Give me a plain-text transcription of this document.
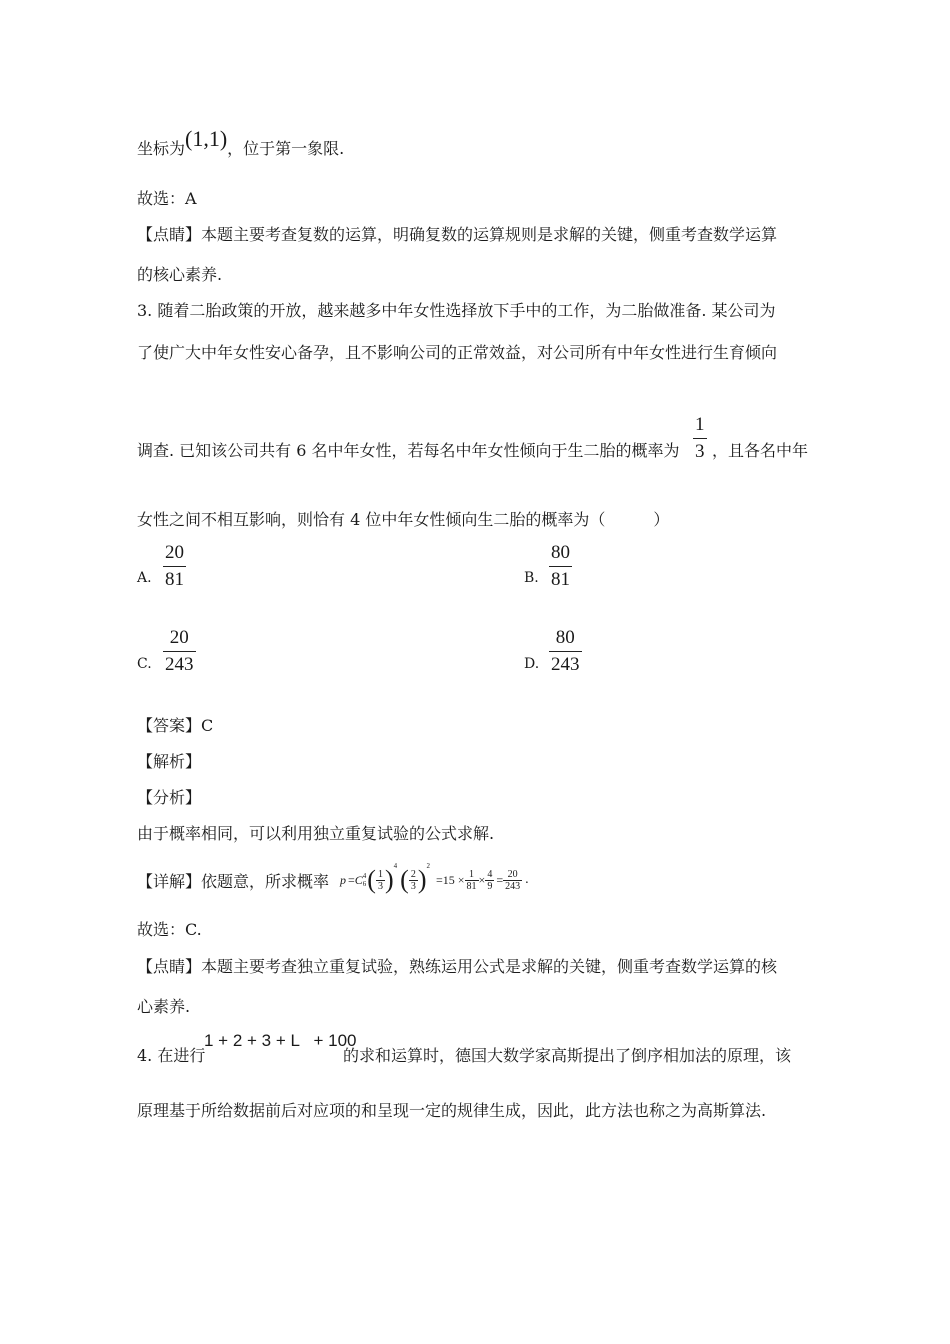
坐标为(1,1)，位于第一象限.
故选：A
【点睛】本题主要考查复数的运算，明确复数的运算规则是求解的关键，侧重考查数学运算
的核心素养.
3. 随着二胎政策的开放，越来越多中年女性选择放下手中的工作，为二胎做准备. 某公司为
了使广大中年女性安心备孕，且不影响公司的正常效益，对公司所有中年女性进行生育倾向
调查. 已知该公司共有 6 名中年女性，若每名中年女性倾向于生二胎的概率为 $\frac{1}{3}$ ，且各名中年
女性之间不相互影响，则恰有 4 位中年女性倾向生二胎的概率为（　　　）
A. $\frac{20}{81}$	B. $\frac{80}{81}$
C. $\frac{20}{243}$	D. $\frac{80}{243}$
【答案】C
【解析】
【分析】
由于概率相同，可以利用独立重复试验的公式求解.
【详解】依题意，所求概率 p = C 4
6 ( $\frac{1}{3}$ ) 4 ( $\frac{2}{3}$ ) 2
$=15 \times \frac{1}{81} \times \frac{4}{9} = \frac{20}{243}$ .
故选：C.
【点睛】本题主要考查独立重复试验，熟练运用公式是求解的关键，侧重考查数学运算的核
心素养.
4. 在进行
1 + 2 + 3 + L   + 100
的求和运算时，德国大数学家高斯提出了倒序相加法的原理，该
原理基于所给数据前后对应项的和呈现一定的规律生成，因此，此方法也称之为高斯算法.
